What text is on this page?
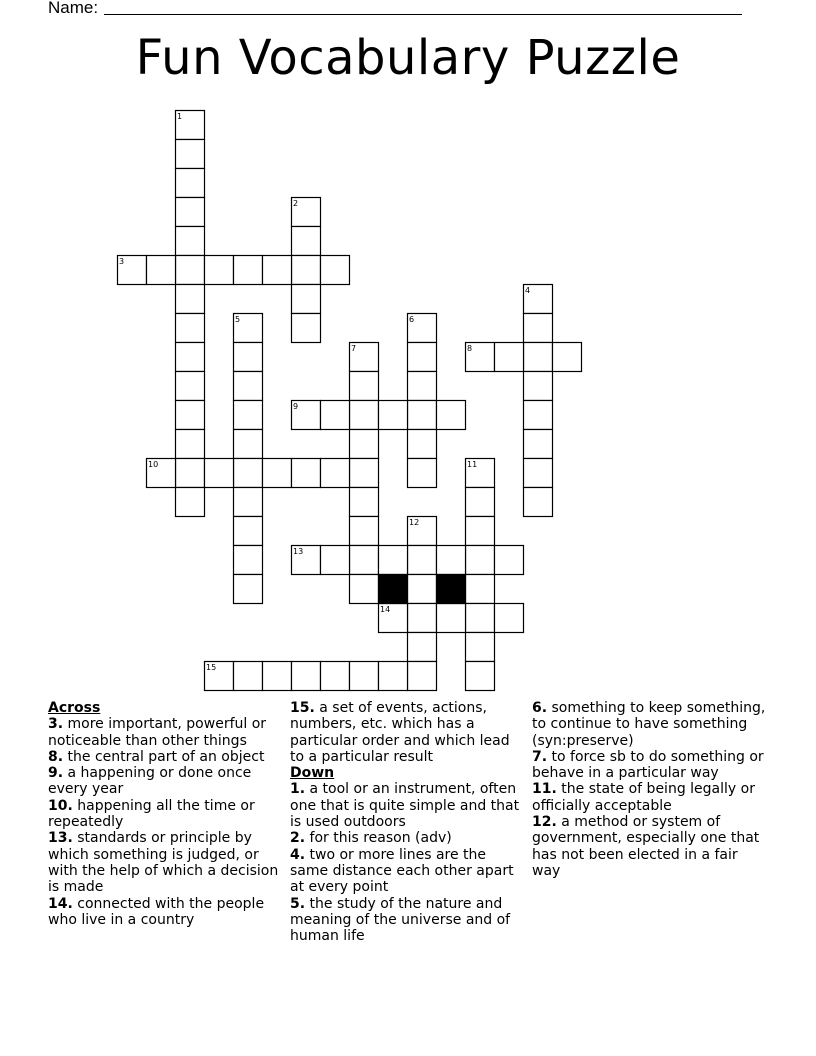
Name:
Fun Vocabulary Puzzle
1
2
3
4
5	6
7	8
9
10	11
12
13
14
15
Across
3. more important, powerful or noticeable than other things
8. the central part of an object
9. a happening or done once every year
10. happening all the time or repeatedly
13. standards or principle by which something is judged, or with the help of which a decision is made
14. connected with the people who live in a country
15. a set of events, actions, numbers, etc. which has a particular order and which lead to a particular result
Down
1. a tool or an instrument, often one that is quite simple and that is used outdoors
2. for this reason (adv)
4. two or more lines are the same distance each other apart at every point
5. the study of the nature and meaning of the universe and of human life
6. something to keep something, to continue to have something (syn:preserve)
7. to force sb to do something or behave in a particular way
11. the state of being legally or officially acceptable
12. a method or system of government, especially one that has not been elected in a fair way
